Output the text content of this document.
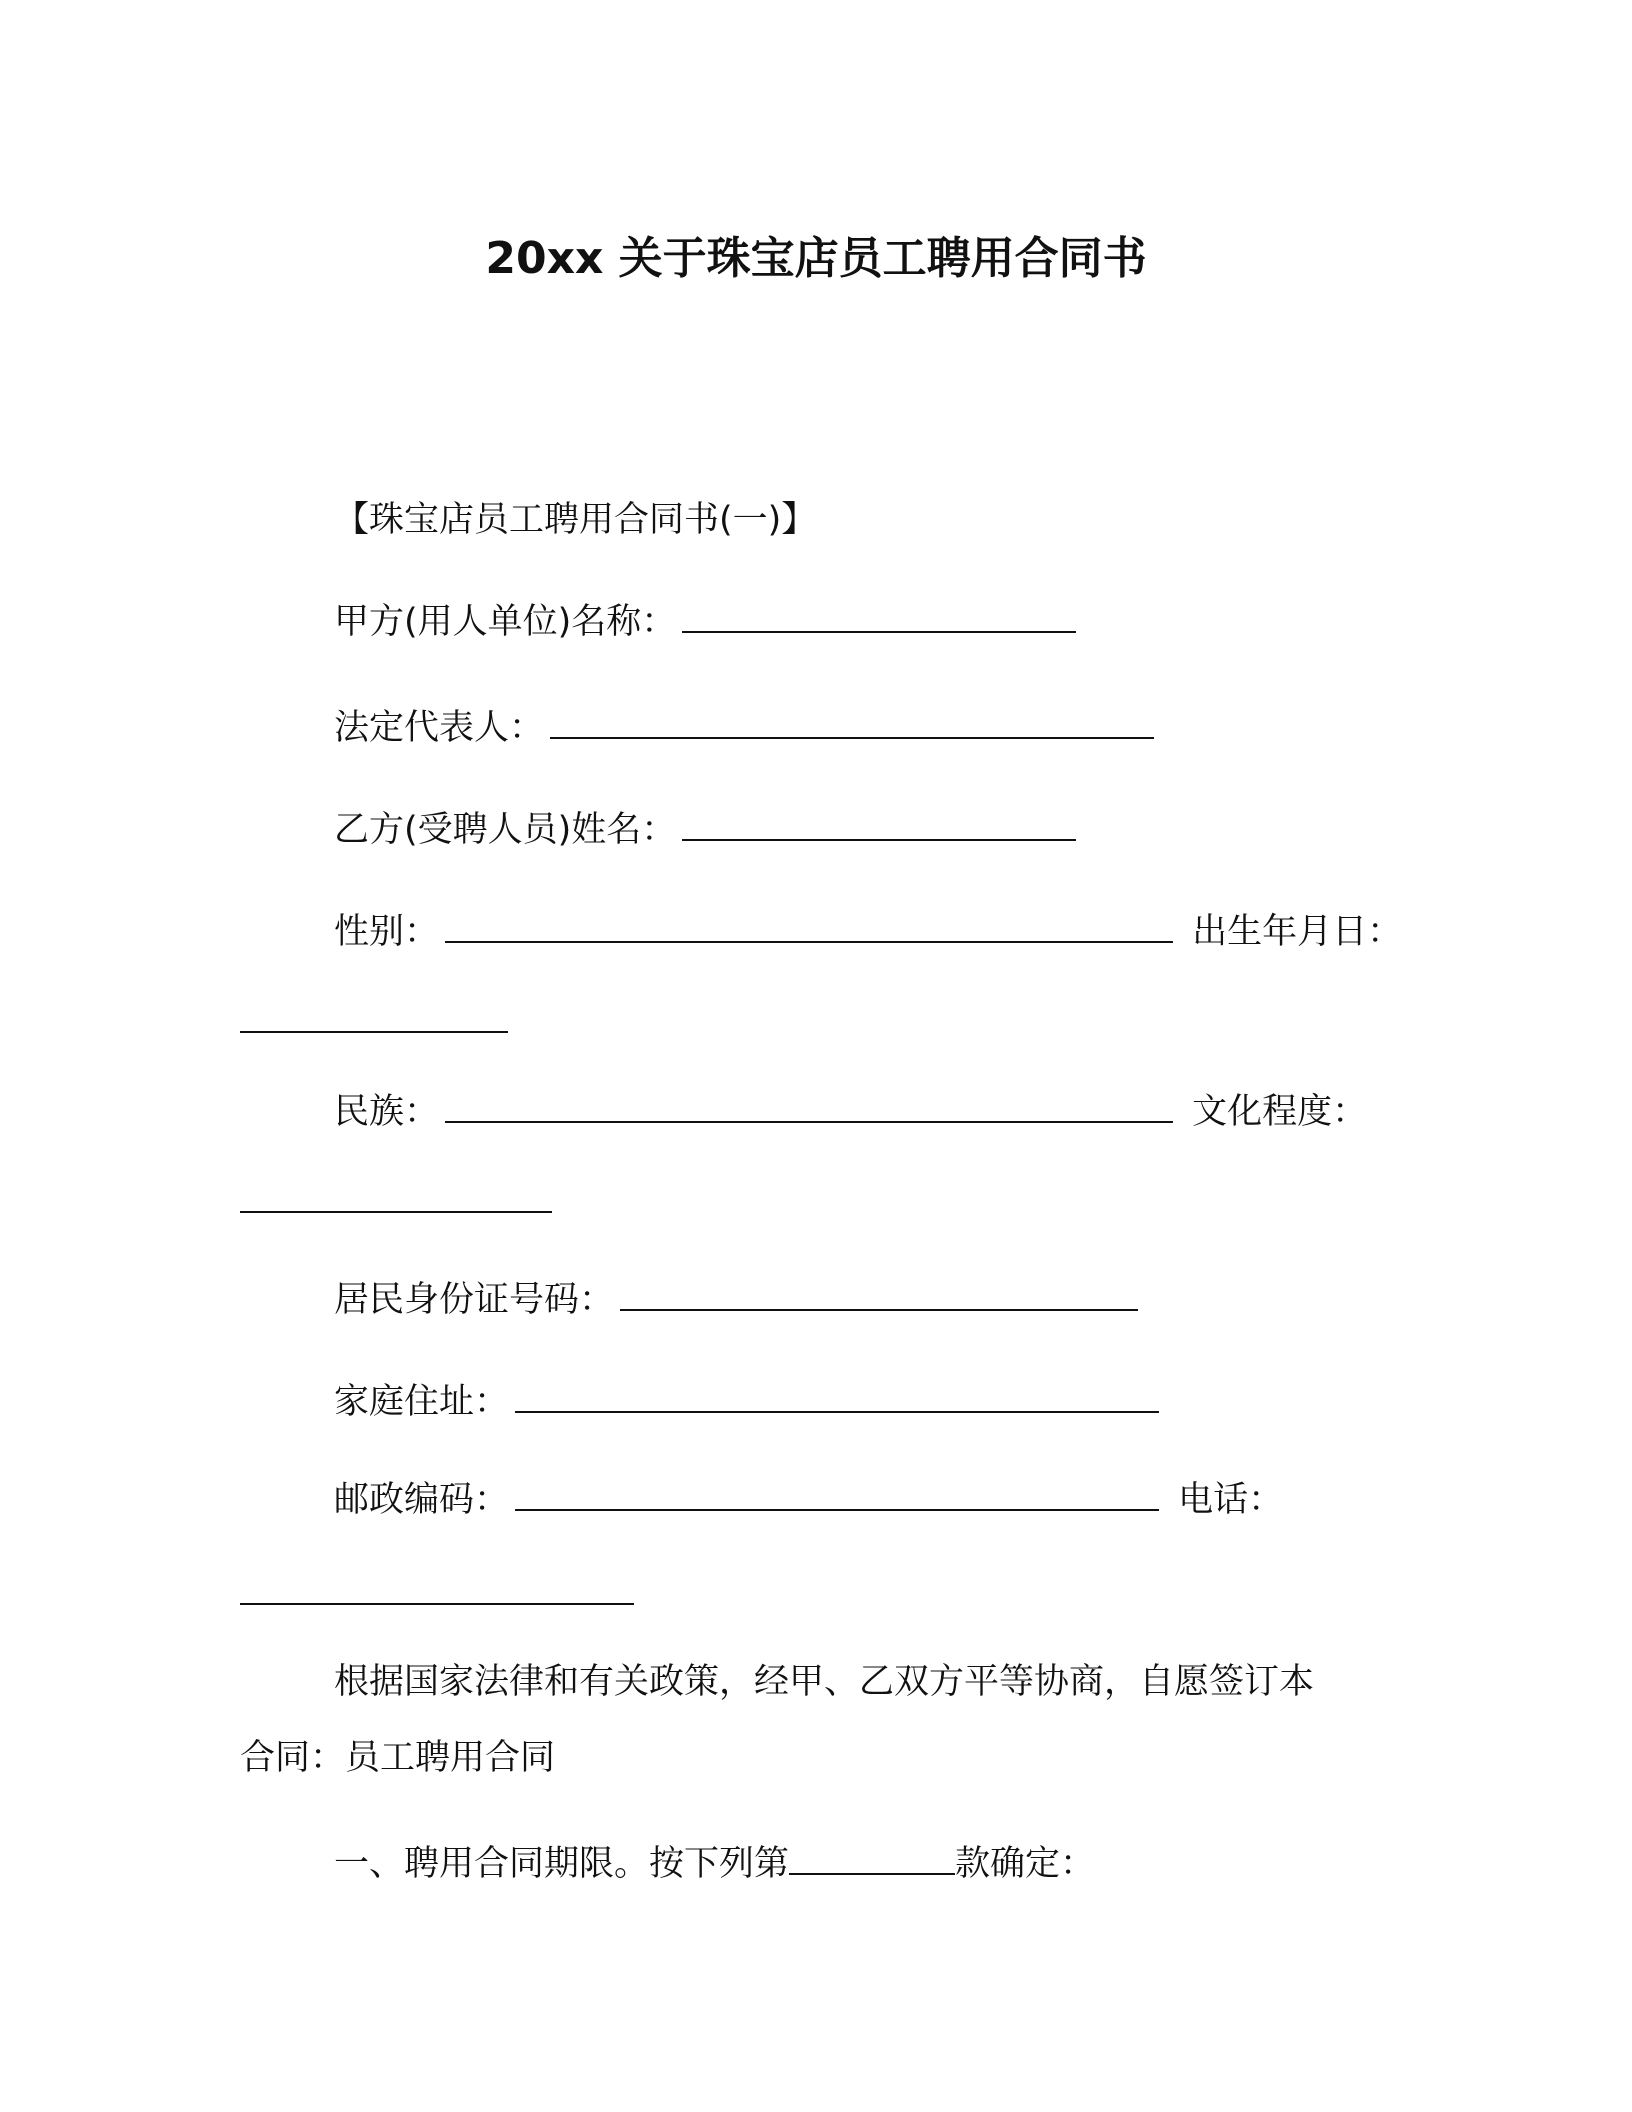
20xx 关于珠宝店员工聘用合同书
【珠宝店员工聘用合同书(一)】
甲方(用人单位)名称：
法定代表人：
乙方(受聘人员)姓名：
性别：	出生年月日：
民族：	文化程度：
居民身份证号码：
家庭住址：
邮政编码：	电话：
根据国家法律和有关政策，经甲、乙双方平等协商，自愿签订本
合同：员工聘用合同
一、聘用合同期限。按下列第	款确定：
